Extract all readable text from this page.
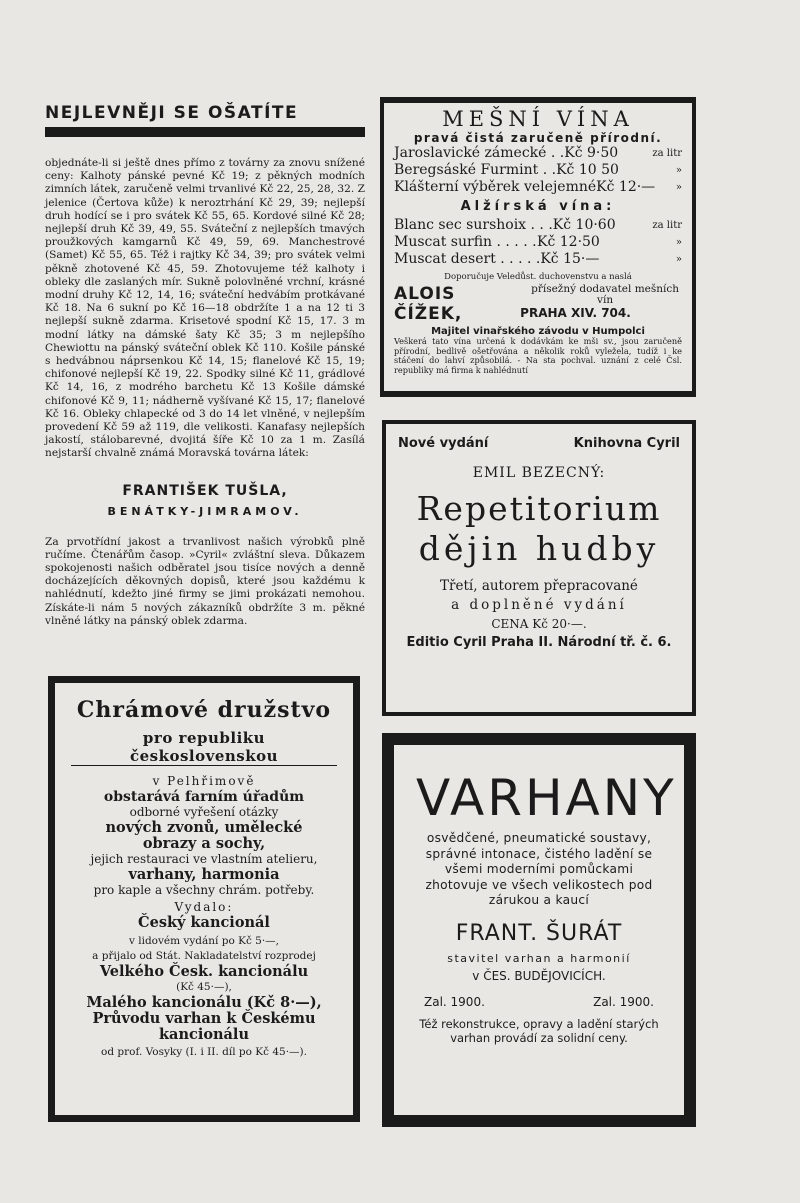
NEJLEVNĚJI SE OŠATÍTE
objednáte-li si ještě dnes přímo z továrny za znovu snížené ceny: Kalhoty pánské pevné Kč 19; z pěkných modních zimních látek, zaručeně velmi trvanlivé Kč 22, 25, 28, 32. Z jelenice (Čertova kůže) k neroztrhání Kč 29, 39; nejlepší druh hodící se i pro svátek Kč 55, 65. Kordové silné Kč 28; nejlepší druh Kč 39, 49, 55. Sváteční z nejlepších tmavých proužkových kamgarnů Kč 49, 59, 69. Manchestrové (Samet) Kč 55, 65. Též i rajtky Kč 34, 39; pro svátek velmi pěkně zhotovené Kč 45, 59. Zhotovujeme též kalhoty i obleky dle zaslaných mír. Sukně polovlněné vrchní, krásné modní druhy Kč 12, 14, 16; sváteční hedvábím protkávané Kč 18. Na 6 sukní po Kč 16—18 obdržíte 1 a na 12 ti 3 nejlepší sukně zdarma. Krisetové spodní Kč 15, 17. 3 m modní látky na dámské šaty Kč 35; 3 m nejlepšího Chewiottu na pánský sváteční oblek Kč 110. Košile pánské s hedvábnou náprsenkou Kč 14, 15; flanelové Kč 15, 19; chifonové nejlepší Kč 19, 22. Spodky silné Kč 11, grádlové Kč 14, 16, z modrého barchetu Kč 13 Košile dámské chifonové Kč 9, 11; nádherně vyšívané Kč 15, 17; flanelové Kč 16. Obleky chlapecké od 3 do 14 let vlněné, v nejlepším provedení Kč 59 až 119, dle velikosti. Kanafasy nejlepších jakostí, stálobarevné, dvojitá šíře Kč 10 za 1 m. Zasílá nejstarší chvalně známá Moravská továrna látek:
FRANTIŠEK TUŠLA,
BENÁTKY-JIMRAMOV.
Za prvotřídní jakost a trvanlivost našich výrobků plně ručíme. Čtenářům časop. »Cyril« zvláštní sleva. Důkazem spokojenosti našich odběratel jsou tisíce nových a denně docházejících děkovných dopisů, které jsou každému k nahlédnutí, kdežto jiné firmy se jimi prokázati nemohou. Získáte-li nám 5 nových zákazníků obdržíte 3 m. pěkné vlněné látky na pánský oblek zdarma.
MEŠNÍ VÍNA
pravá čistá zaručeně přírodní.
Jaroslavické zámecké . . Kč 9·50	za litr
Beregsáské Furmint . . Kč 10 50	»
Klášterní výběrek velejemné Kč 12·—	»
Alžírská vína:
Blanc sec surshoix . . . Kč 10·60	za litr
Muscat surfin . . . . . Kč 12·50	»
Muscat desert . . . . . Kč 15·—	»
Doporučuje Veledůst. duchovenstvu a naslá
ALOIS ČÍŽEK,
přísežný dodavatel mešních vín
PRAHA XIV. 704.
Majitel vinařského závodu v Humpolci
Veškerá tato vína určená k dodávkám ke mši sv., jsou zaručeně přírodní, bedlivě ošetřována a několik roků vyležela, tudíž i ke stáčení do lahví způsobilá. - Na sta pochval. uznání z celé Čsl. republiky má firma k nahlédnutí
Nové vydání	Knihovna Cyril
EMIL BEZECNÝ:
Repetitorium
dějin hudby
Třetí, autorem přepracované
a doplněné vydání
CENA Kč 20·—.
Editio Cyril Praha II. Národní tř. č. 6.
Chrámové družstvo
pro republiku československou
v Pelhřimově
obstarává farním úřadům
odborné vyřešení otázky
nových zvonů, umělecké
obrazy a sochy,
jejich restauraci ve vlastním atelieru,
varhany, harmonia
pro kaple a všechny chrám. potřeby.
Vydalo:
Český kancionál
v lidovém vydání po Kč 5·—,
a přijalo od Stát. Nakladatelství rozprodej
Velkého Česk. kancionálu
(Kč 45·—),
Malého kancionálu (Kč 8·—),
Průvodu varhan k Českému
kancionálu
od prof. Vosyky (I. i II. díl po Kč 45·—).
VARHANY
osvědčené, pneumatické soustavy, správné intonace, čistého ladění se všemi moderními pomůckami zhotovuje ve všech velikostech pod zárukou a kaucí
FRANT. ŠURÁT
stavitel varhan a harmonií
v ČES. BUDĚJOVICÍCH.
Zal. 1900.	Zal. 1900.
Též rekonstrukce, opravy a ladění starých varhan provádí za solidní ceny.
